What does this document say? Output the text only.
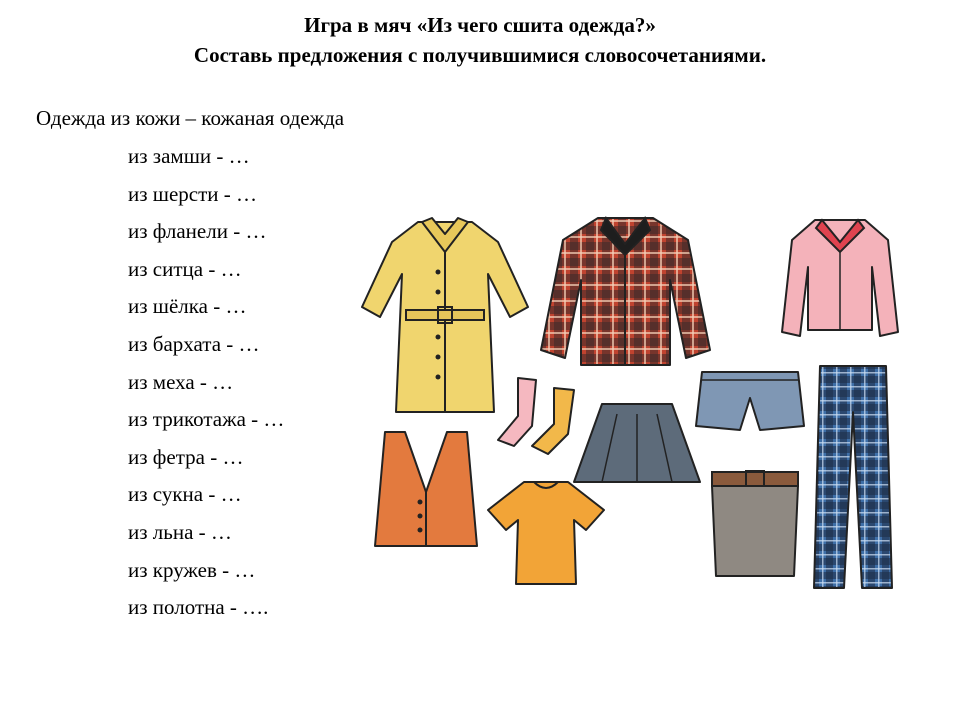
Игра в мяч «Из чего сшита одежда?»
Составь предложения с получившимися словосочетаниями.
Одежда из кожи – кожаная одежда
из замши - …
из шерсти - …
из фланели - …
из ситца - …
из шёлка - …
из бархата - …
из меха - …
из трикотажа - …
из фетра - …
из сукна - …
из льна - …
из кружев - …
из полотна - ….
